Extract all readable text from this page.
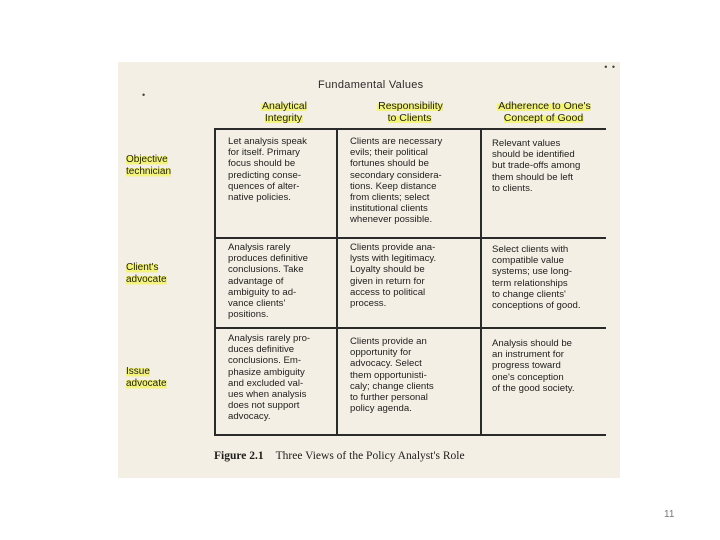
• •
•
Fundamental Values
Analytical
Integrity
Responsibility
to Clients
Adherence to One's
Concept of Good
Objective
technician
Client's
advocate
Issue
advocate
Let analysis speak
for itself. Primary
focus should be
predicting conse-
quences of alter-
native policies.
Clients are necessary
evils; their political
fortunes should be
secondary considera-
tions. Keep distance
from clients; select
institutional clients
whenever possible.
Relevant values
should be identified
but trade-offs among
them should be left
to clients.
Analysis rarely
produces definitive
conclusions. Take
advantage of
ambiguity to ad-
vance clients'
positions.
Clients provide ana-
lysts with legitimacy.
Loyalty should be
given in return for
access to political
process.
Select clients with
compatible value
systems; use long-
term relationships
to change clients'
conceptions of good.
Analysis rarely pro-
duces definitive
conclusions. Em-
phasize ambiguity
and excluded val-
ues when analysis
does not support
advocacy.
Clients provide an
opportunity for
advocacy. Select
them opportunisti-
caly; change clients
to further personal
policy agenda.
Analysis should be
an instrument for
progress toward
one's conception
of the good society.
Figure 2.1 Three Views of the Policy Analyst's Role
11
